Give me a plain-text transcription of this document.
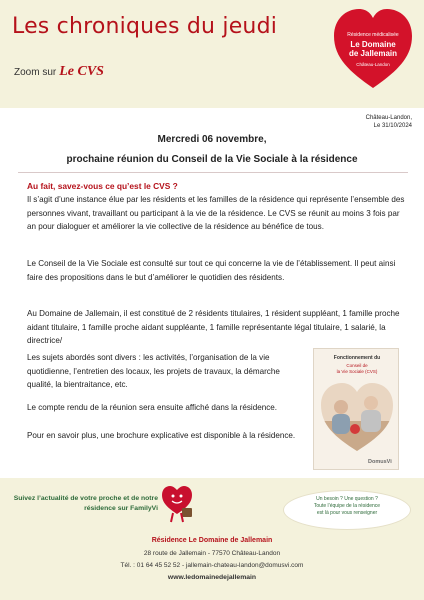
Les chroniques du jeudi
Zoom sur Le CVS
Résidence médicalisée
Le Domaine
de Jallemain
Château-Landon
Château-Landon,
Le 31/10/2024
Mercredi 06 novembre,
prochaine réunion du Conseil de la Vie Sociale à la résidence
Au fait, savez-vous ce qu’est le CVS ?
Il s’agit d’une instance élue par les résidents et les familles de la résidence qui représente l’ensemble des personnes vivant, travaillant ou participant à la vie de la résidence. Le CVS se réunit au moins 3 fois par an pour dialoguer et améliorer la vie collective de la résidence au bénéfice de tous.
Le Conseil de la Vie Sociale est consulté sur tout ce qui concerne la vie de l’établissement. Il peut ainsi faire des propositions dans le but d’améliorer le quotidien des résidents.
Au Domaine de Jallemain, il est constitué de 2 résidents titulaires, 1 résident suppléant, 1 famille proche aidant titulaire, 1 famille proche aidant suppléante, 1 famille représentante légal titulaire, 1 salarié, la directrice/
Les sujets abordés sont divers : les activités, l’organisation de la vie quotidienne, l’entretien des locaux, les projets de travaux, la démarche qualité, la bientraitance, etc.
Le compte rendu de la réunion sera ensuite affiché dans la résidence.
Pour en savoir plus, une brochure explicative est disponible à la résidence.
Fonctionnement du
Conseil de
la Vie Sociale (CVS)
DomusVi
Suivez l’actualité de votre proche et de notre résidence sur FamilyVi
Un besoin ? Une question ?
Toute l’équipe de la résidence
est là pour vous renseigner
Résidence Le Domaine de Jallemain
28 route de Jallemain - 77570 Château-Landon
Tél. : 01 64 45 52 52 - jallemain-chateau-landon@domusvi.com
www.ledomainedejallemain
